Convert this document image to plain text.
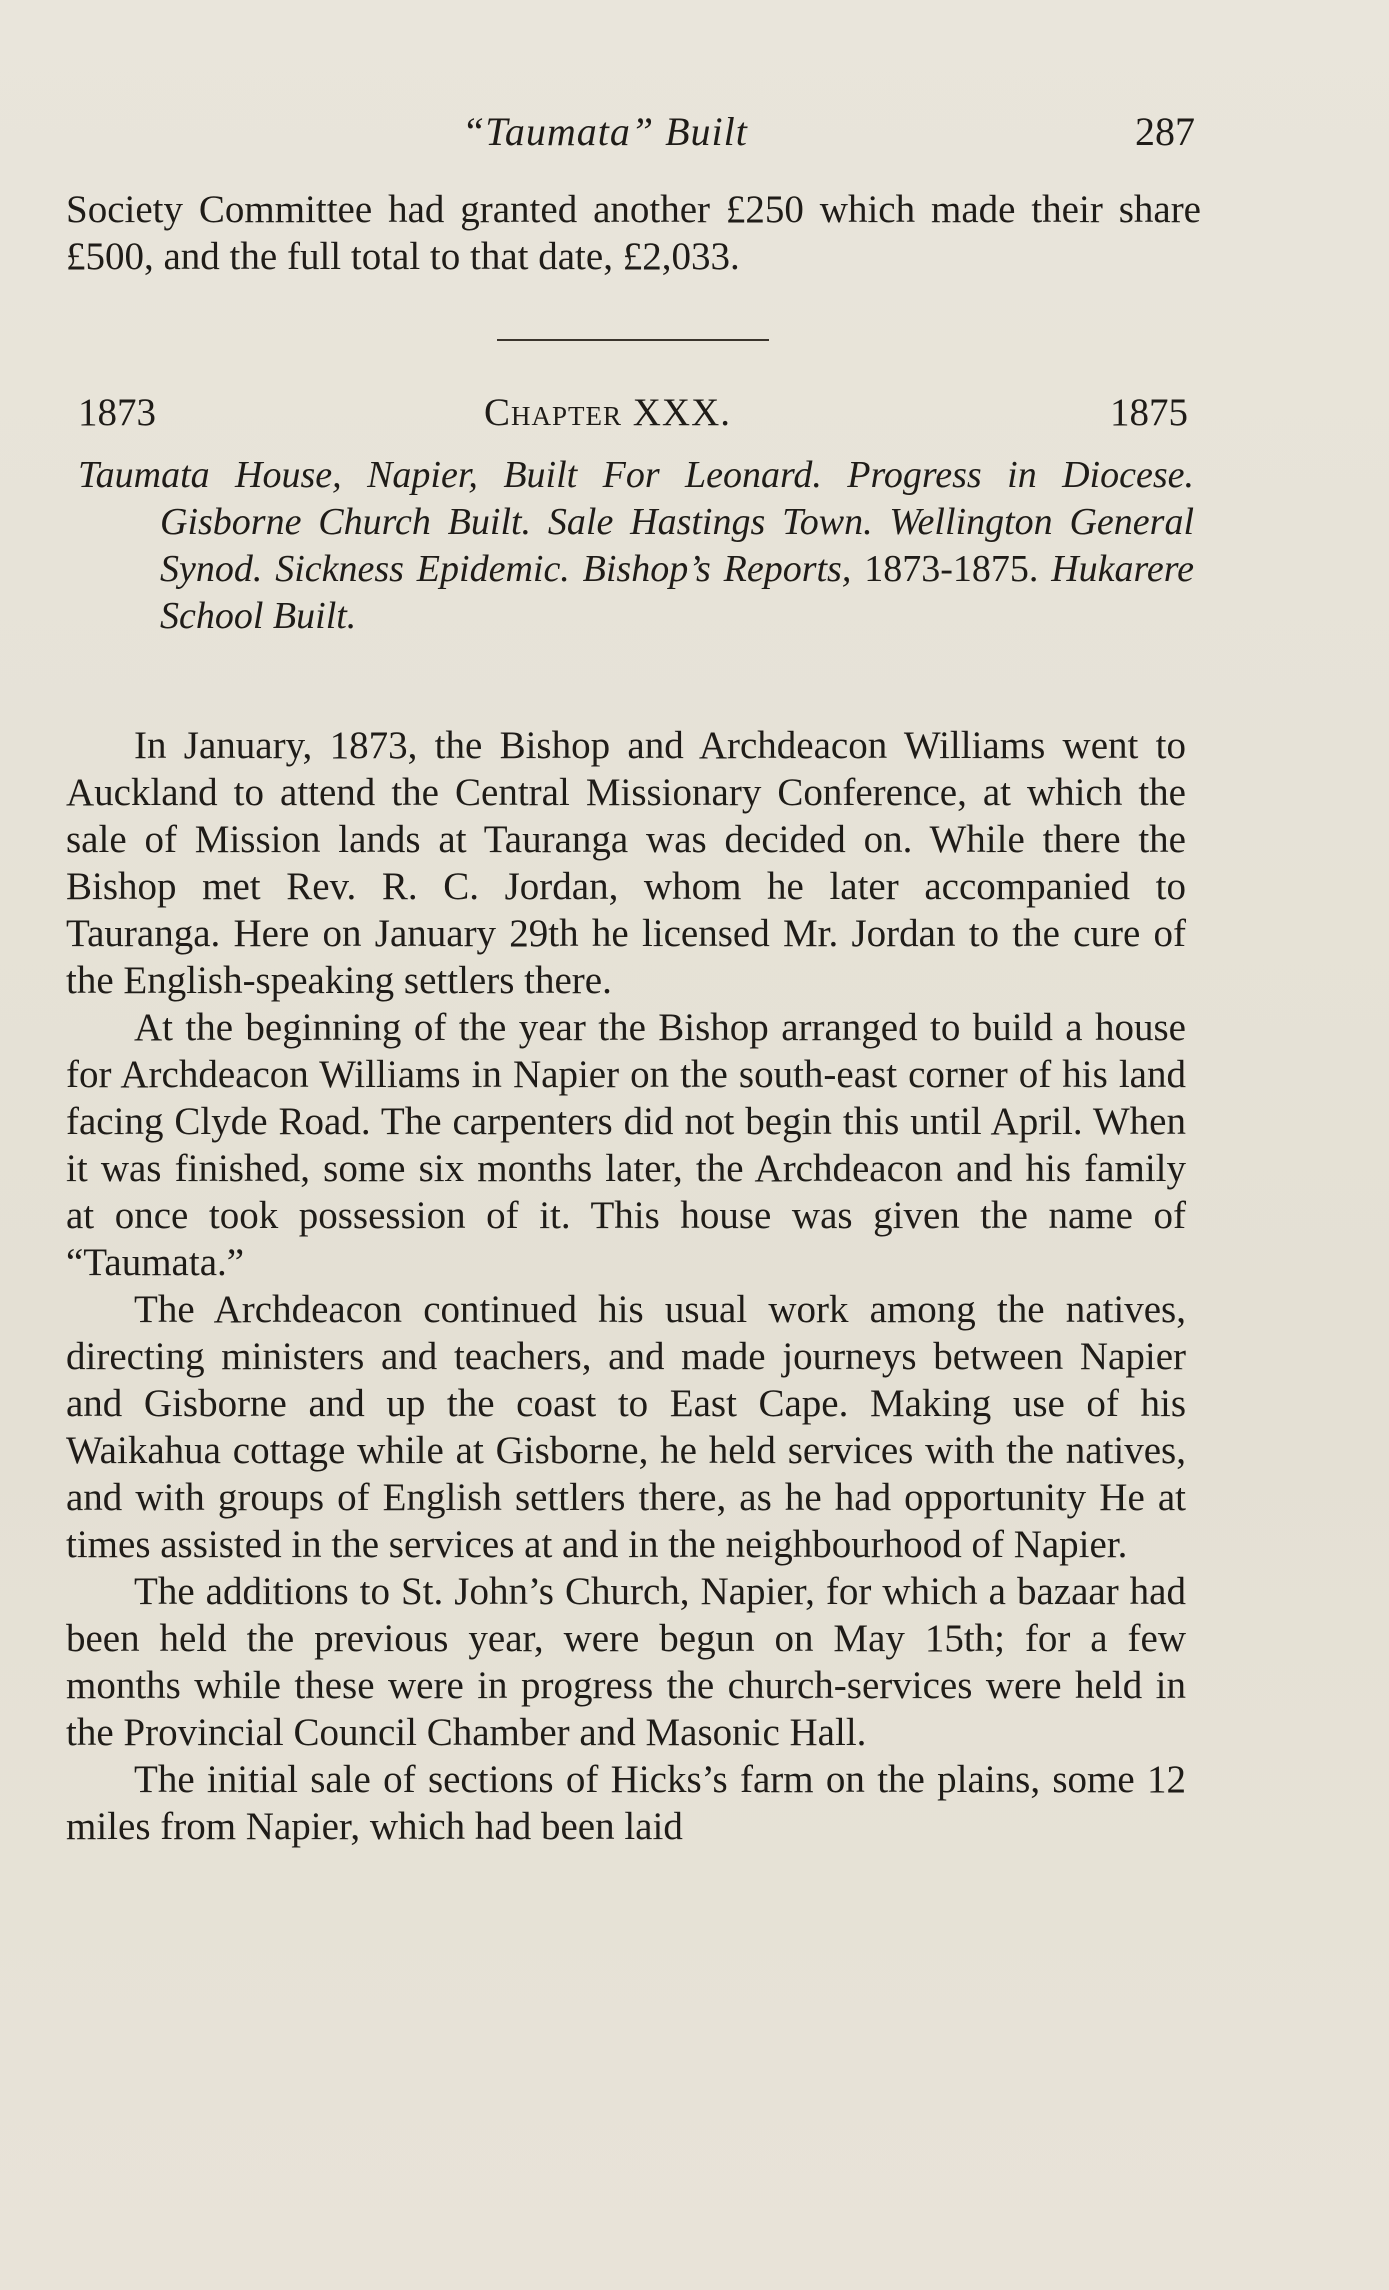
“Taumata” Built	287

Society Committee had granted another £250 which made their share £500, and the full total to that date, £2,033.

1873	Chapter XXX.	1875
Taumata House, Napier, Built For Leonard. Progress in Diocese. Gisborne Church Built. Sale Hastings Town. Wellington General Synod. Sickness Epidemic. Bishop’s Reports, 1873-1875. Hukarere School Built.

In January, 1873, the Bishop and Archdeacon Williams went to Auckland to attend the Central Missionary Conference, at which the sale of Mission lands at Tauranga was decided on. While there the Bishop met Rev. R. C. Jordan, whom he later accompanied to Tauranga. Here on January 29th he licensed Mr. Jordan to the cure of the English-speaking settlers there.

At the beginning of the year the Bishop arranged to build a house for Archdeacon Williams in Napier on the south-east corner of his land facing Clyde Road. The carpenters did not begin this until April. When it was finished, some six months later, the Archdeacon and his family at once took possession of it. This house was given the name of “Taumata.”

The Archdeacon continued his usual work among the natives, directing ministers and teachers, and made journeys between Napier and Gisborne and up the coast to East Cape. Making use of his Waikahua cottage while at Gisborne, he held services with the natives, and with groups of English settlers there, as he had opportunity He at times assisted in the services at and in the neighbourhood of Napier.

The additions to St. John’s Church, Napier, for which a bazaar had been held the previous year, were begun on May 15th; for a few months while these were in progress the church-services were held in the Provincial Council Chamber and Masonic Hall.

The initial sale of sections of Hicks’s farm on the plains, some 12 miles from Napier, which had been laid
